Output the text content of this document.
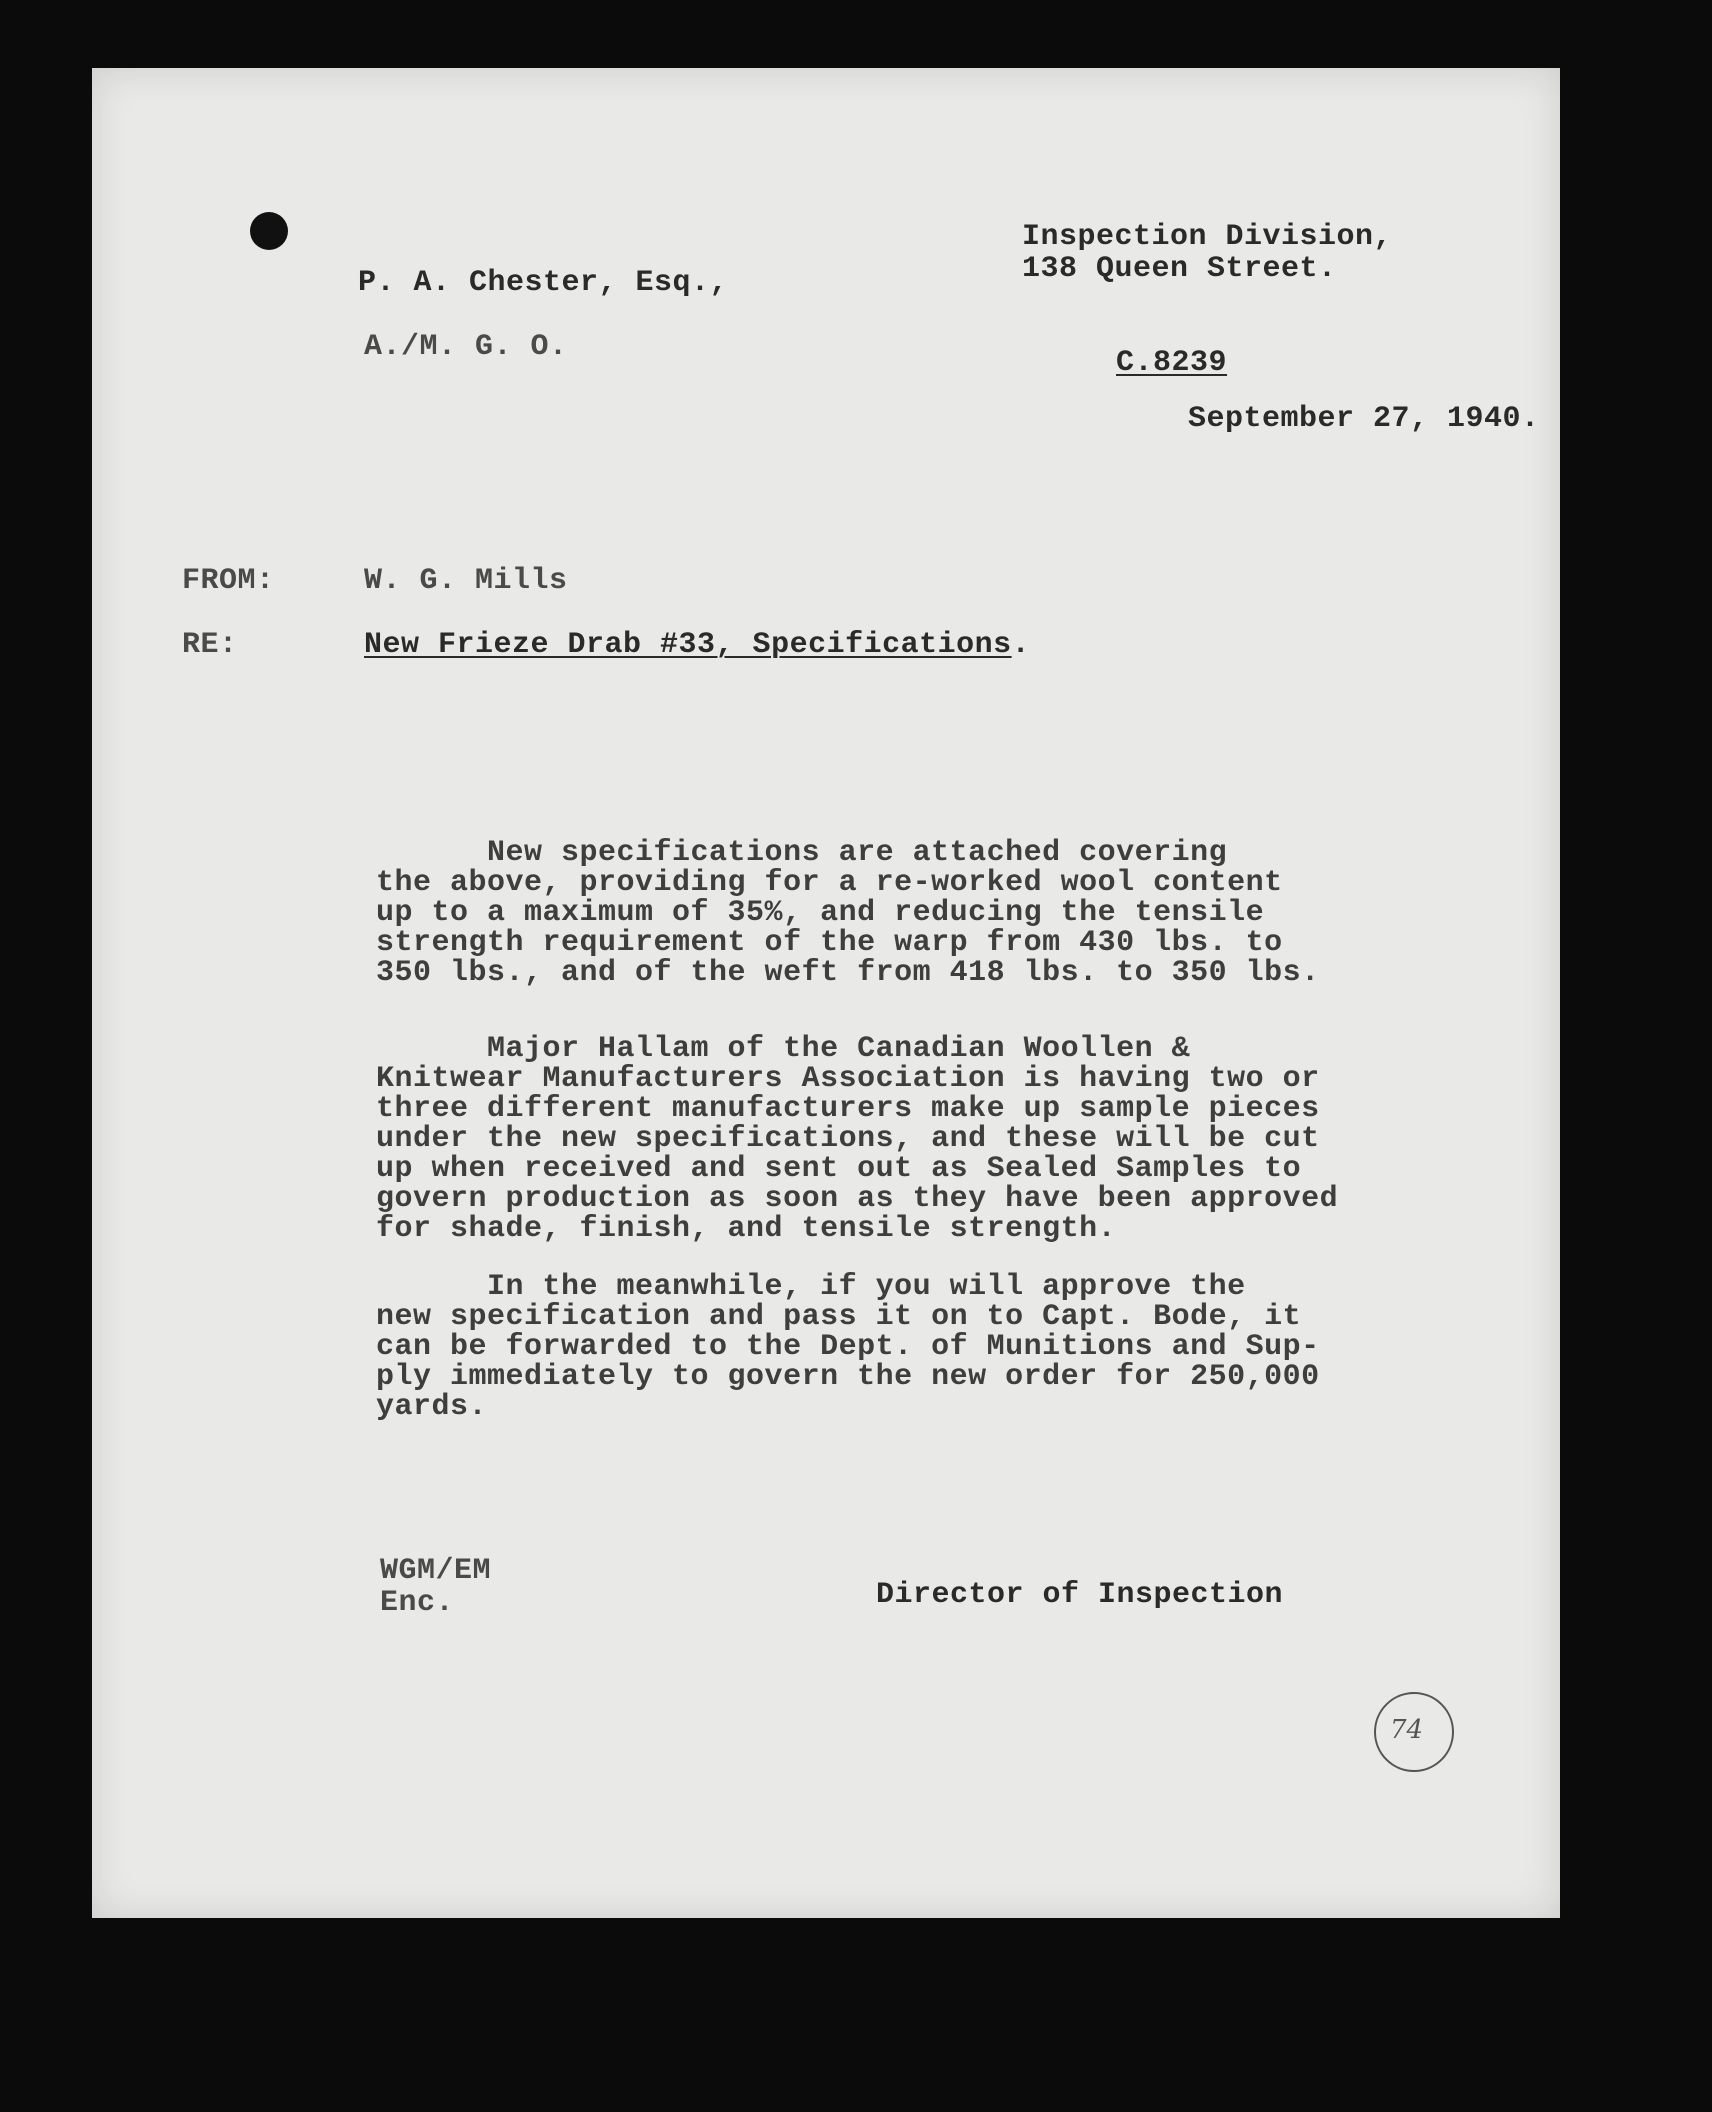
Inspection Division,
138 Queen Street.
P. A. Chester, Esq.,
A./M. G. O.	C.8239
September 27, 1940.
FROM:	W. G. Mills
RE:	New Frieze Drab #33, Specifications.
New specifications are attached covering
the above, providing for a re-worked wool content
up to a maximum of 35%, and reducing the tensile
strength requirement of the warp from 430 lbs. to
350 lbs., and of the weft from 418 lbs. to 350 lbs.
Major Hallam of the Canadian Woollen &
Knitwear Manufacturers Association is having two or
three different manufacturers make up sample pieces
under the new specifications, and these will be cut
up when received and sent out as Sealed Samples to
govern production as soon as they have been approved
for shade, finish, and tensile strength.
In the meanwhile, if you will approve the
new specification and pass it on to Capt. Bode, it
can be forwarded to the Dept. of Munitions and Sup-
ply immediately to govern the new order for 250,000
yards.
WGM/EM
Enc.	Director of Inspection
74
